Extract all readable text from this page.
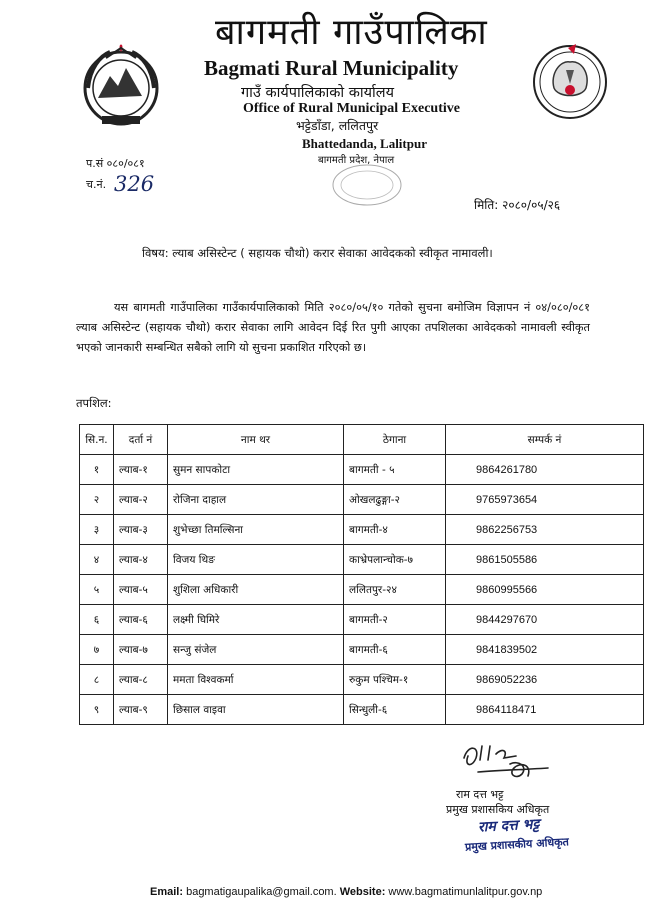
बागमती गाउँपालिका
Bagmati Rural Municipality
गाउँ कार्यपालिकाको कार्यालय
Office of Rural Municipal Executive
भट्टेडाँडा, ललितपुर
Bhattedanda, Lalitpur
बागमती प्रदेश, नेपाल
प.सं ०८०/०८१
च.नं. 326
मिति: २०८०/०५/२६
विषय: ल्याब असिस्टेन्ट ( सहायक चौथो) करार सेवाका आवेदकको स्वीकृत नामावली।
यस बागमती गाउँपालिका गाउँकार्यपालिकाको मिति २०८०/०५/१० गतेको सुचना बमोजिम विज्ञापन नं ०४/०८०/०८१ ल्याब असिस्टेन्ट (सहायक चौथो) करार सेवाका लागि आवेदन दिई रित पुगी आएका तपशिलका आवेदकको नामावली स्वीकृत भएको जानकारी सम्बन्धित सबैको लागि यो सुचना प्रकाशित गरिएको छ।
तपशिल:
सि.न.	दर्ता नं	नाम थर	ठेगाना	सम्पर्क नं
१	ल्याब-१	सुमन सापकोटा	बागमती - ५	9864261780
२	ल्याब-२	रोजिना दाहाल	ओखलढुङ्गा-२	9765973654
३	ल्याब-३	शुभेच्छा तिमल्सिना	बागमती-४	9862256753
४	ल्याब-४	विजय थिङ	काभ्रेपलान्चोक-७	9861505586
५	ल्याब-५	शुशिला अधिकारी	ललितपुर-२४	9860995566
६	ल्याब-६	लक्ष्मी घिमिरे	बागमती-२	9844297670
७	ल्याब-७	सन्जु संजेल	बागमती-६	9841839502
८	ल्याब-८	ममता विश्वकर्मा	रुकुम पश्चिम-१	9869052236
९	ल्याब-९	छिसाल वाइवा	सिन्धुली-६	9864118471
राम दत्त भट्ट
प्रमुख प्रशासकिय अधिकृत
राम दत्त भट्ट
प्रमुख प्रशासकीय अधिकृत
Email: bagmatigaupalika@gmail.com. Website: www.bagmatimunlalitpur.gov.np
